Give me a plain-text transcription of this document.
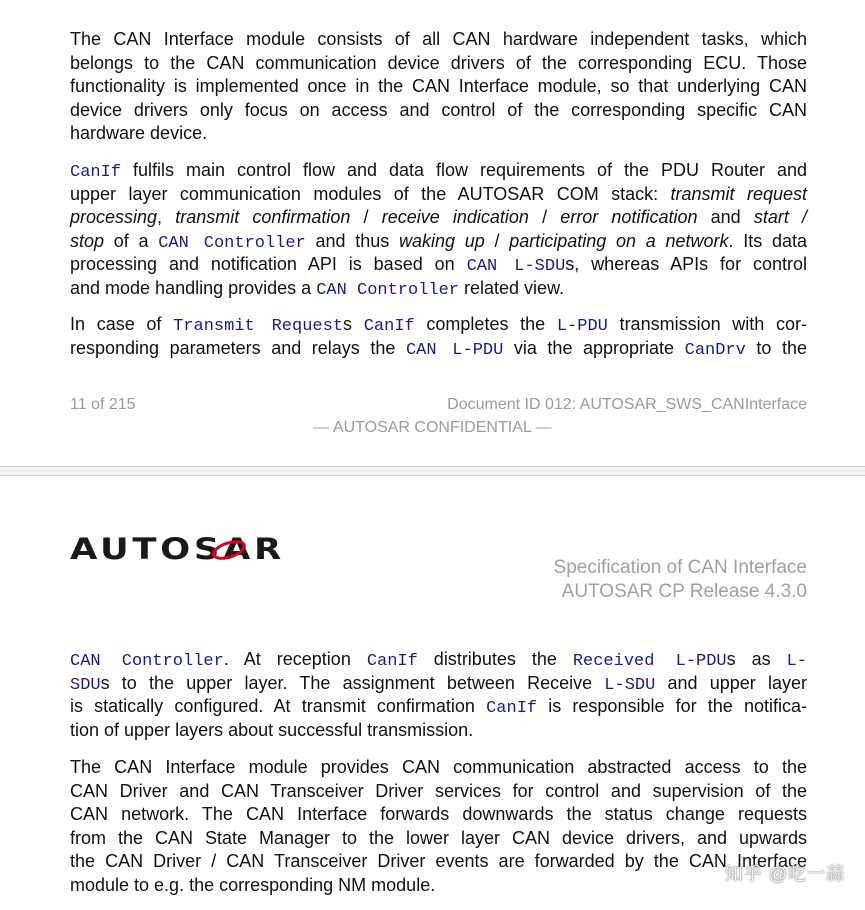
The CAN Interface module consists of all CAN hardware independent tasks, which
belongs to the CAN communication device drivers of the corresponding ECU. Those
functionality is implemented once in the CAN Interface module, so that underlying CAN
device drivers only focus on access and control of the corresponding specific CAN
hardware device.
CanIf fulfils main control flow and data flow requirements of the PDU Router and
upper layer communication modules of the AUTOSAR COM stack: transmit request
processing, transmit confirmation / receive indication / error notification and start /
stop of a CAN Controller and thus waking up / participating on a network. Its data
processing and notification API is based on CAN L-SDUs, whereas APIs for control
and mode handling provides a CAN Controller related view.
In case of Transmit Requests CanIf completes the L-PDU transmission with cor-
responding parameters and relays the CAN L-PDU via the appropriate CanDrv to the
11 of 215	Document ID 012: AUTOSAR_SWS_CANInterface
— AUTOSAR CONFIDENTIAL —
AUTOSAR
Specification of CAN Interface
AUTOSAR CP Release 4.3.0
CAN Controller. At reception CanIf distributes the Received L-PDUs as L-
SDUs to the upper layer. The assignment between Receive L-SDU and upper layer
is statically configured. At transmit confirmation CanIf is responsible for the notifica-
tion of upper layers about successful transmission.
The CAN Interface module provides CAN communication abstracted access to the
CAN Driver and CAN Transceiver Driver services for control and supervision of the
CAN network. The CAN Interface forwards downwards the status change requests
from the CAN State Manager to the lower layer CAN device drivers, and upwards
the CAN Driver / CAN Transceiver Driver events are forwarded by the CAN Interface
module to e.g. the corresponding NM module.
知乎 @吃一蒜
